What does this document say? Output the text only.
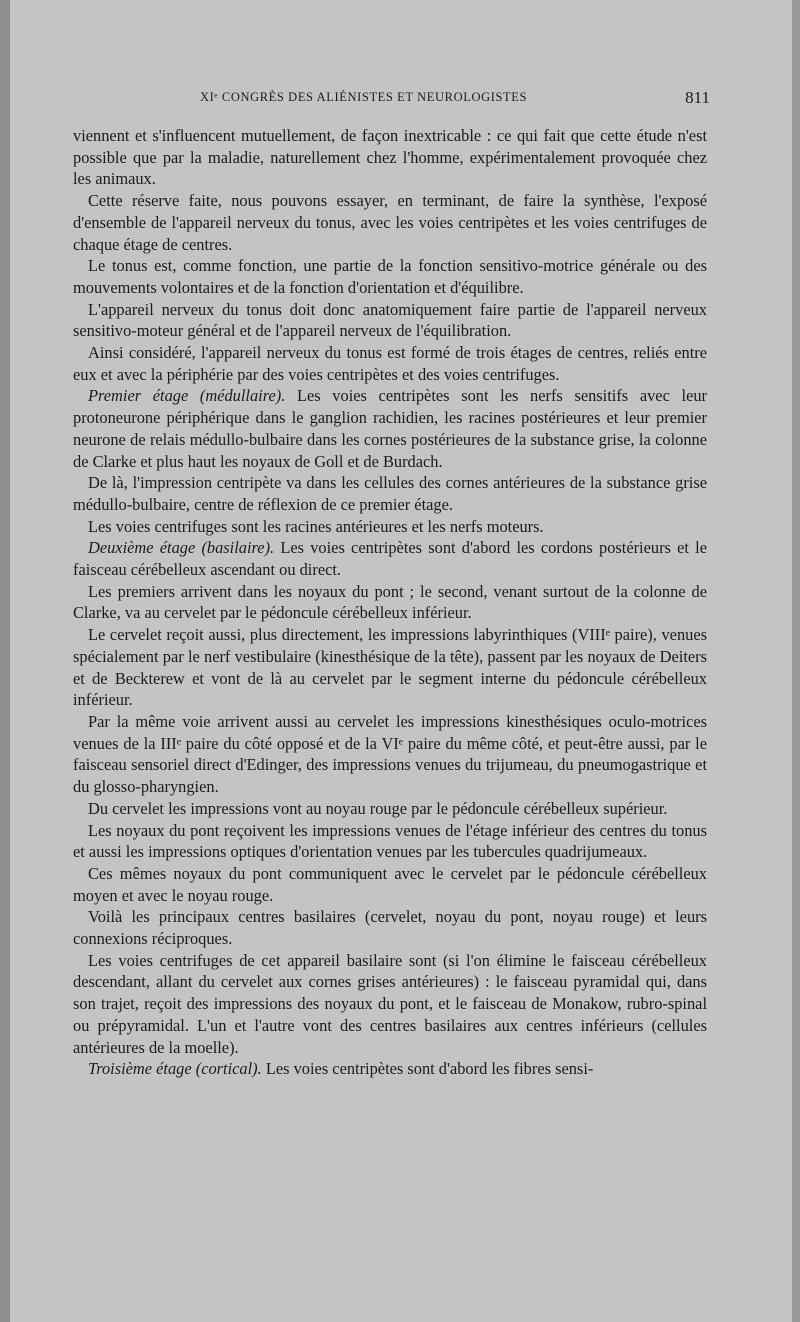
XIᵉ CONGRÈS DES ALIÉNISTES ET NEUROLOGISTES	811

viennent et s'influencent mutuellement, de façon inextricable : ce qui fait que cette étude n'est possible que par la maladie, naturellement chez l'homme, expérimentalement provoquée chez les animaux.

Cette réserve faite, nous pouvons essayer, en terminant, de faire la synthèse, l'exposé d'ensemble de l'appareil nerveux du tonus, avec les voies centripètes et les voies centrifuges de chaque étage de centres.

Le tonus est, comme fonction, une partie de la fonction sensitivo-motrice générale ou des mouvements volontaires et de la fonction d'orientation et d'équilibre.

L'appareil nerveux du tonus doit donc anatomiquement faire partie de l'appareil nerveux sensitivo-moteur général et de l'appareil nerveux de l'équilibration.

Ainsi considéré, l'appareil nerveux du tonus est formé de trois étages de centres, reliés entre eux et avec la périphérie par des voies centripètes et des voies centrifuges.

Premier étage (médullaire). Les voies centripètes sont les nerfs sensitifs avec leur protoneurone périphérique dans le ganglion rachidien, les racines postérieures et leur premier neurone de relais médullo-bulbaire dans les cornes postérieures de la substance grise, la colonne de Clarke et plus haut les noyaux de Goll et de Burdach.

De là, l'impression centripète va dans les cellules des cornes antérieures de la substance grise médullo-bulbaire, centre de réflexion de ce premier étage.

Les voies centrifuges sont les racines antérieures et les nerfs moteurs.

Deuxième étage (basilaire). Les voies centripètes sont d'abord les cordons postérieurs et le faisceau cérébelleux ascendant ou direct.

Les premiers arrivent dans les noyaux du pont ; le second, venant surtout de la colonne de Clarke, va au cervelet par le pédoncule cérébelleux inférieur.

Le cervelet reçoit aussi, plus directement, les impressions labyrinthiques (VIIIᵉ paire), venues spécialement par le nerf vestibulaire (kinesthésique de la tête), passent par les noyaux de Deiters et de Beckterew et vont de là au cervelet par le segment interne du pédoncule cérébelleux inférieur.

Par la même voie arrivent aussi au cervelet les impressions kinesthésiques oculo-motrices venues de la IIIᵉ paire du côté opposé et de la VIᵉ paire du même côté, et peut-être aussi, par le faisceau sensoriel direct d'Edinger, des impressions venues du trijumeau, du pneumogastrique et du glosso-pharyngien.

Du cervelet les impressions vont au noyau rouge par le pédoncule cérébelleux supérieur.

Les noyaux du pont reçoivent les impressions venues de l'étage inférieur des centres du tonus et aussi les impressions optiques d'orientation venues par les tubercules quadrijumeaux.

Ces mêmes noyaux du pont communiquent avec le cervelet par le pédoncule cérébelleux moyen et avec le noyau rouge.

Voilà les principaux centres basilaires (cervelet, noyau du pont, noyau rouge) et leurs connexions réciproques.

Les voies centrifuges de cet appareil basilaire sont (si l'on élimine le faisceau cérébelleux descendant, allant du cervelet aux cornes grises antérieures) : le faisceau pyramidal qui, dans son trajet, reçoit des impressions des noyaux du pont, et le faisceau de Monakow, rubro-spinal ou prépyramidal. L'un et l'autre vont des centres basilaires aux centres inférieurs (cellules antérieures de la moelle).

Troisième étage (cortical). Les voies centripètes sont d'abord les fibres sensi-
